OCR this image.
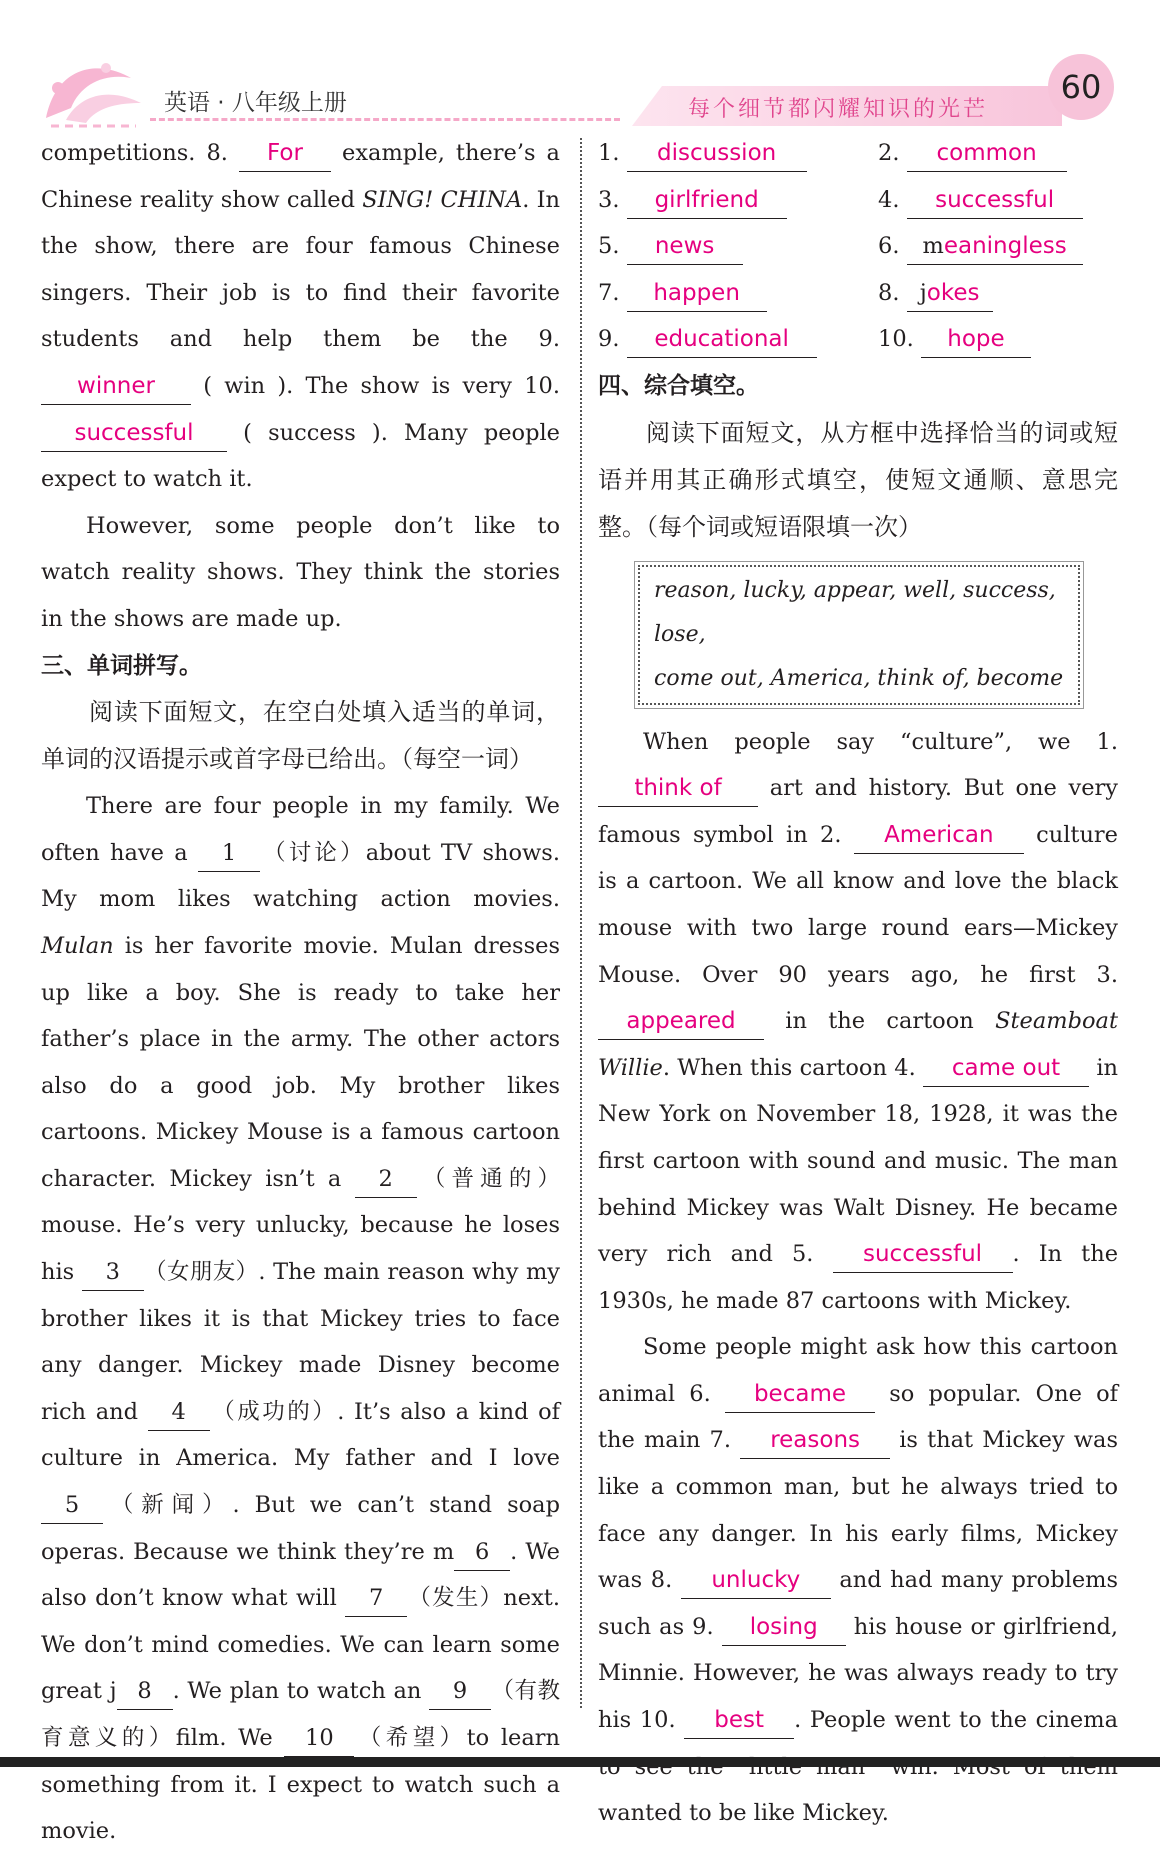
英语 · 八年级上册	每个细节都闪耀知识的光芒
60

competitions. 8. For example, there’s a Chinese reality show called SING! CHINA. In the show, there are four famous Chinese singers. Their job is to find their favorite students and help them be the 9. winner ( win ). The show is very 10. successful ( success ). Many people expect to watch it.

However, some people don’t like to watch reality shows. They think the stories in the shows are made up.

三、单词拼写。

阅读下面短文，在空白处填入适当的单词，单词的汉语提示或首字母已给出。（每空一词）

There are four people in my family. We often have a 1 （讨论）about TV shows. My mom likes watching action movies. Mulan is her favorite movie. Mulan dresses up like a boy. She is ready to take her father’s place in the army. The other actors also do a good job. My brother likes cartoons. Mickey Mouse is a famous cartoon character. Mickey isn’t a 2 （普通的）mouse. He’s very unlucky, because he loses his 3 （女朋友）. The main reason why my brother likes it is that Mickey tries to face any danger. Mickey made Disney become rich and 4 （成功的）. It’s also a kind of culture in America. My father and I love 5 （新闻）. But we can’t stand soap operas. Because we think they’re m 6 . We also don’t know what will 7 （发生）next. We don’t mind comedies. We can learn some great j 8 . We plan to watch an 9 （有教育意义的）film. We 10 （希望）to learn something from it. I expect to watch such a movie.

1. discussion	2. common
3. girlfriend	4. successful
5. news	6. meaningless
7. happen	8. jokes
9. educational	10. hope
四、综合填空。

阅读下面短文，从方框中选择恰当的词或短语并用其正确形式填空，使短文通顺、意思完整。（每个词或短语限填一次）

reason, lucky, appear, well, success, lose,
come out, America, think of, become

When people say “culture”, we 1. think of art and history. But one very famous symbol in 2. American culture is a cartoon. We all know and love the black mouse with two large round ears—Mickey Mouse. Over 90 years ago, he first 3. appeared in the cartoon Steamboat Willie. When this cartoon 4. came out in New York on November 18, 1928, it was the first cartoon with sound and music. The man behind Mickey was Walt Disney. He became very rich and 5. successful . In the 1930s, he made 87 cartoons with Mickey.

Some people might ask how this cartoon animal 6. became so popular. One of the main 7. reasons is that Mickey was like a common man, but he always tried to face any danger. In his early films, Mickey was 8. unlucky and had many problems such as 9. losing his house or girlfriend, Minnie. However, he was always ready to try his 10. best . People went to the cinema wanted to be like Mickey.
